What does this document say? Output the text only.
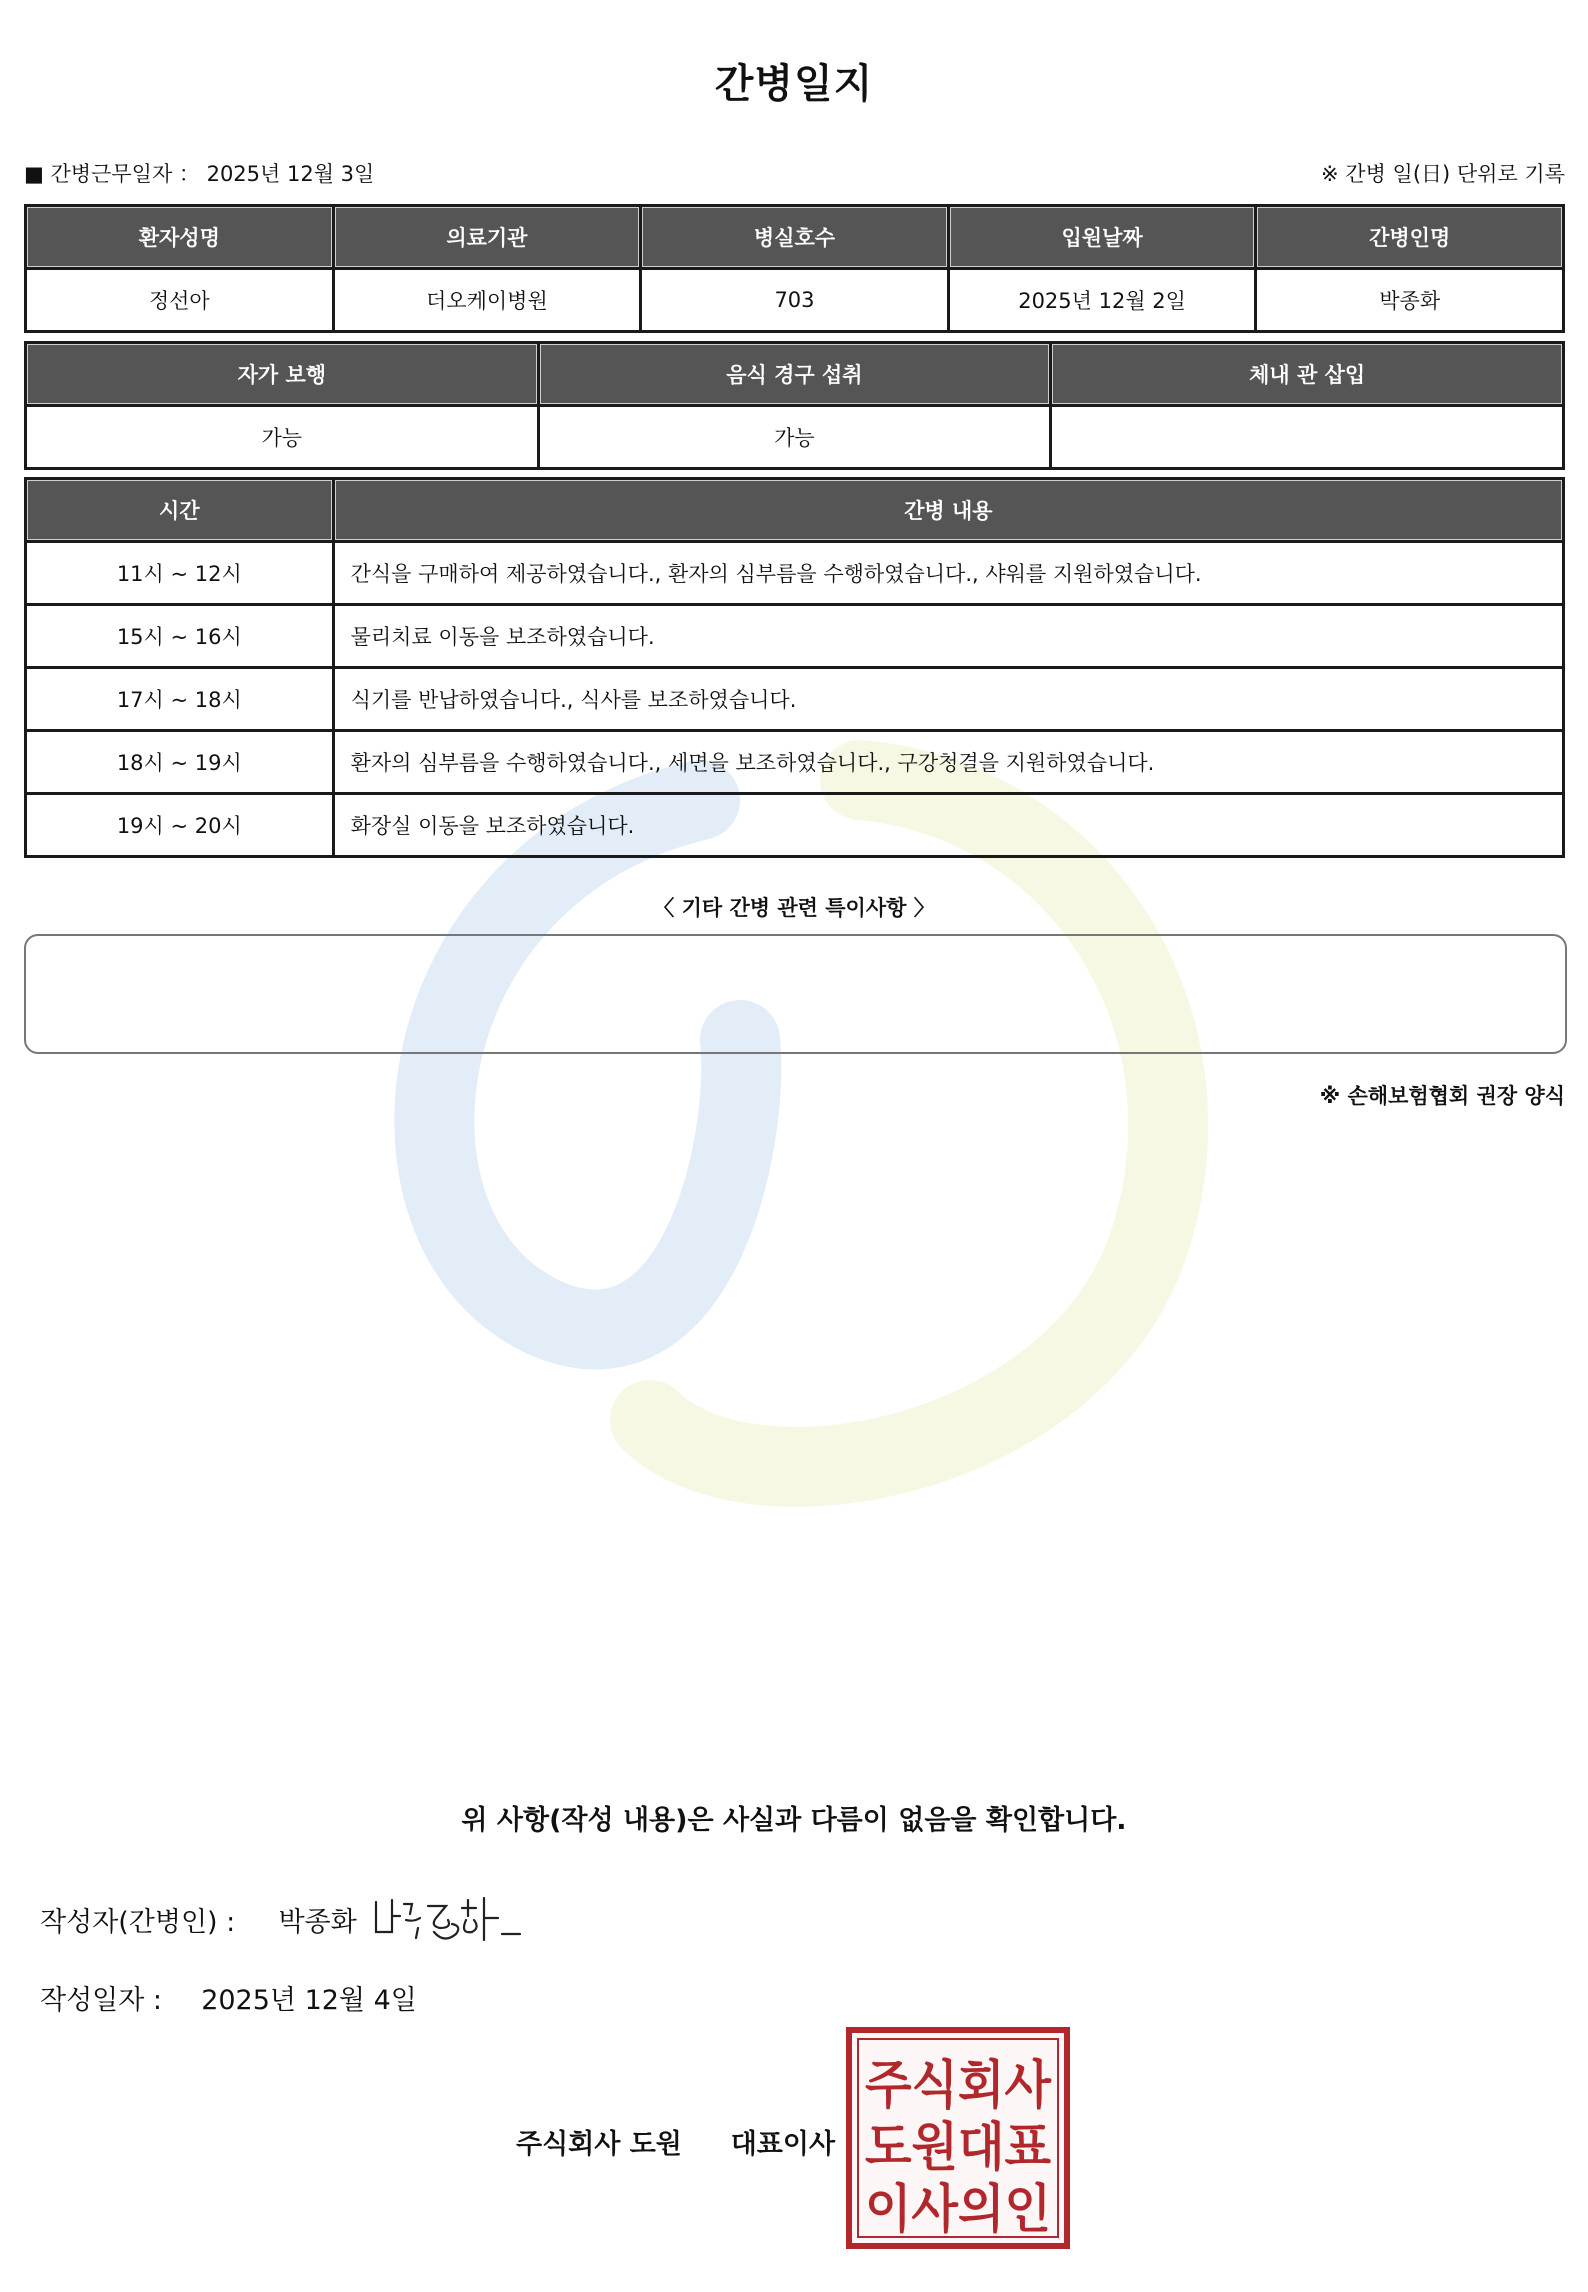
간병일지
■ 간병근무일자 ： 2025년 12월 3일	※ 간병 일(日) 단위로 기록
환자성명	의료기관	병실호수	입원날짜	간병인명
정선아	더오케이병원	703	2025년 12월 2일	박종화
자가 보행	음식 경구 섭취	체내 관 삽입
가능	가능	
시간	간병 내용
11시 ~ 12시	간식을 구매하여 제공하였습니다., 환자의 심부름을 수행하였습니다., 샤워를 지원하였습니다.
15시 ~ 16시	물리치료 이동을 보조하였습니다.
17시 ~ 18시	식기를 반납하였습니다., 식사를 보조하였습니다.
18시 ~ 19시	환자의 심부름을 수행하였습니다., 세면을 보조하였습니다., 구강청결을 지원하였습니다.
19시 ~ 20시	화장실 이동을 보조하였습니다.
〈 기타 간병 관련 특이사항 〉
※ 손해보험협회 권장 양식
위 사항(작성 내용)은 사실과 다름이 없음을 확인합니다.
작성자(간병인) : 박종화
작성일자 : 2025년 12월 4일
주식회사 도원 대표이사
주식회사
도원대표
이사의인
